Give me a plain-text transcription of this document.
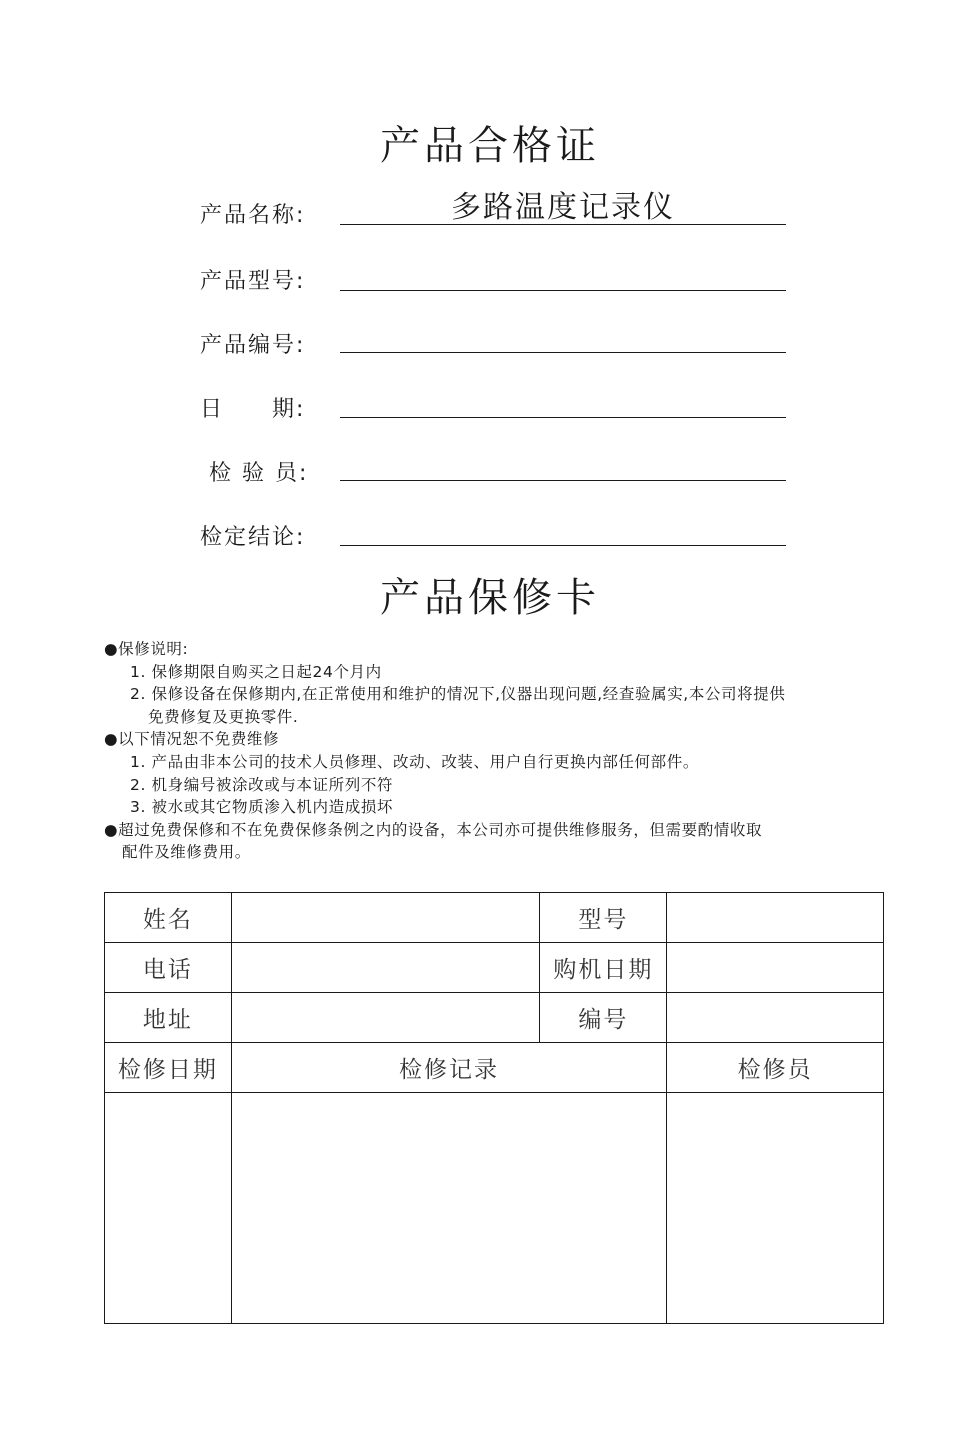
产品合格证
产品名称:	多路温度记录仪
产品型号:
产品编号:
日　　期:
检 验 员:
检定结论:
产品保修卡
●保修说明:
1. 保修期限自购买之日起24个月内
2. 保修设备在保修期内,在正常使用和维护的情况下,仪器出现问题,经查验属实,本公司将提供
免费修复及更换零件.
●以下情况恕不免费维修
1. 产品由非本公司的技术人员修理、改动、改装、用户自行更换内部任何部件。
2. 机身编号被涂改或与本证所列不符
3. 被水或其它物质渗入机内造成损坏
●超过免费保修和不在免费保修条例之内的设备，本公司亦可提供维修服务，但需要酌情收取
配件及维修费用。
姓名		型号	
电话		购机日期	
地址		编号	
检修日期	检修记录		检修员
